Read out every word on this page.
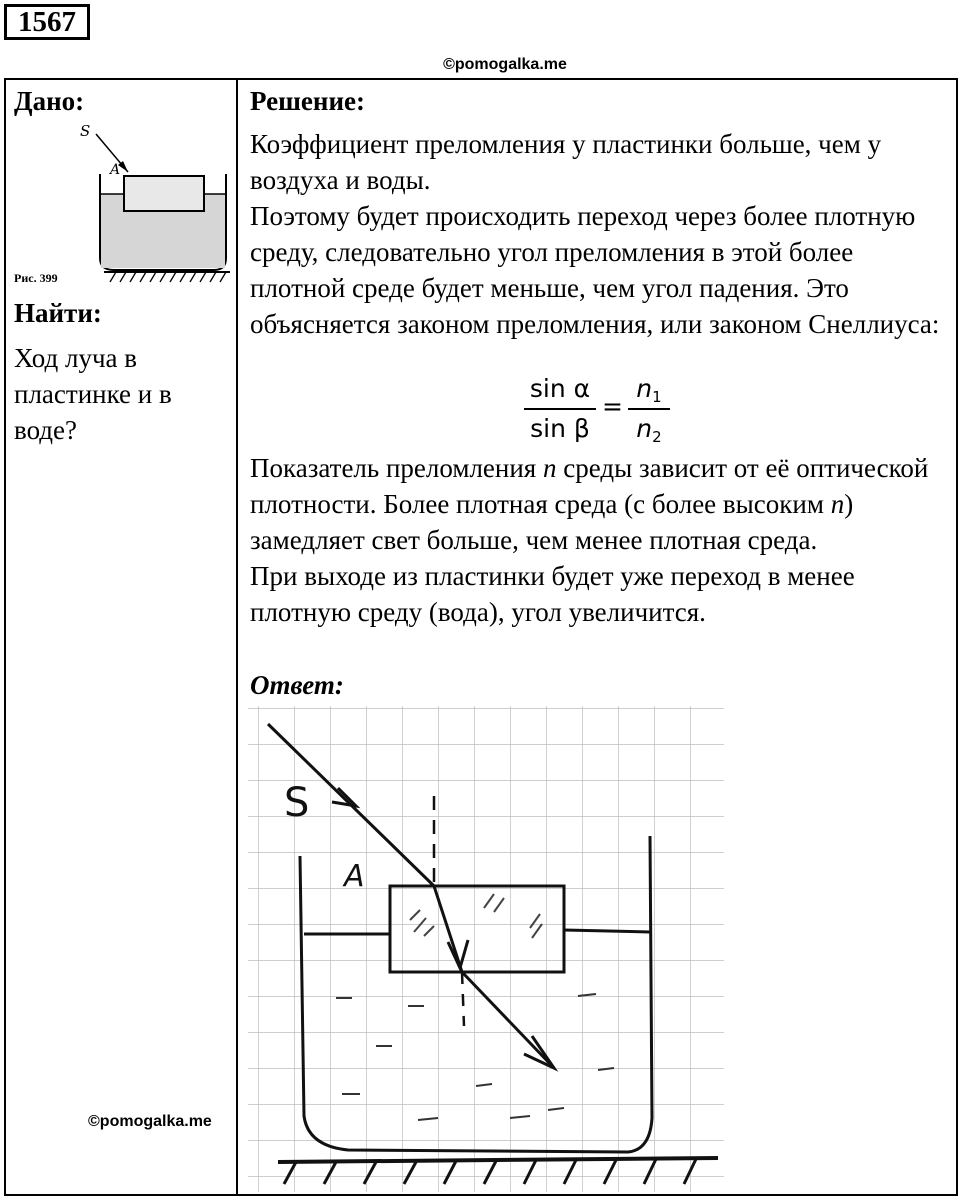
1567
©pomogalka.me
Дано:
S
A
Рис. 399
Найти:
Ход луча в пластинке и в воде?
Решение:

Коэффициент преломления у пластинки больше, чем у воздуха и воды.

Поэтому будет происходить переход через более плотную среду, следовательно угол преломления в этой более плотной среде будет меньше, чем угол падения. Это объясняется законом преломления, или законом Снеллиуса:

sin α
sin β
=
$n_1$
$n_2$

Показатель преломления n среды зависит от её оптической плотности. Более плотная среда (с более высоким n) замедляет свет больше, чем менее плотная среда.

При выходе из пластинки будет уже переход в менее плотную среду (вода), угол увеличится.

Ответ:
S
A
©pomogalka.me
